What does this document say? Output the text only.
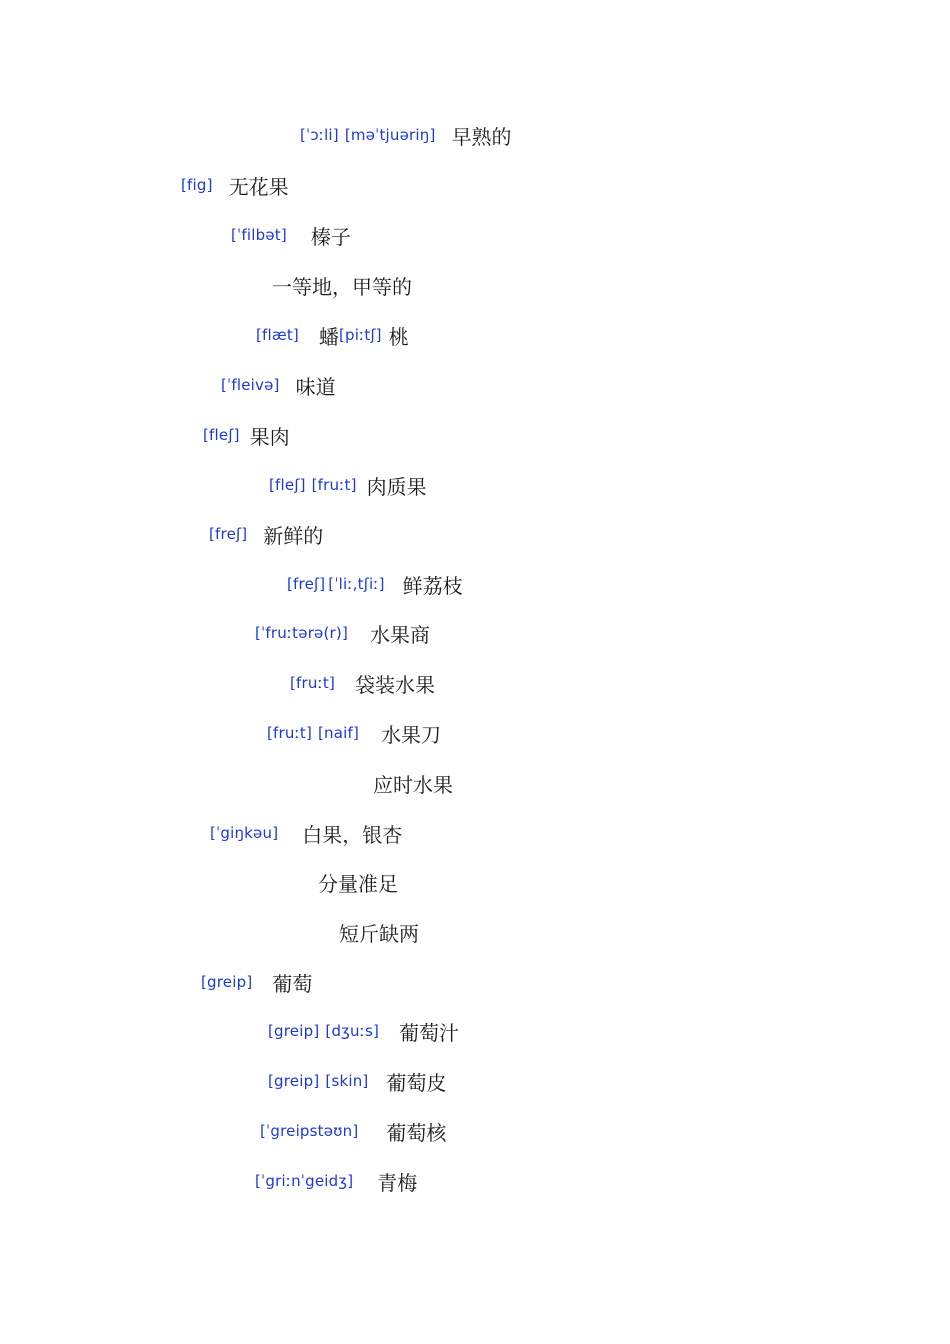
[ˈɔːli] [məˈtjuəriŋ] 早熟的
[fig] 无花果
[ˈfilbət] 榛子
一等地，甲等的
[flæt] 蟠 [piːtʃ] 桃
[ˈfleivə] 味道
[fleʃ] 果肉
[fleʃ] [fruːt] 肉质果
[freʃ] 新鲜的
[freʃ] [ˈliː,tʃiː] 鲜荔枝
[ˈfruːtərə(r)] 水果商
[fruːt] 袋装水果
[fruːt] [naif] 水果刀
应时水果
[ˈgiŋkəu] 白果，银杏
分量准足
短斤缺两
[greip] 葡萄
[greip] [dʒuːs] 葡萄汁
[greip] [skin] 葡萄皮
[ˈgreipstəʊn] 葡萄核
[ˈgriːnˈgeidʒ] 青梅
